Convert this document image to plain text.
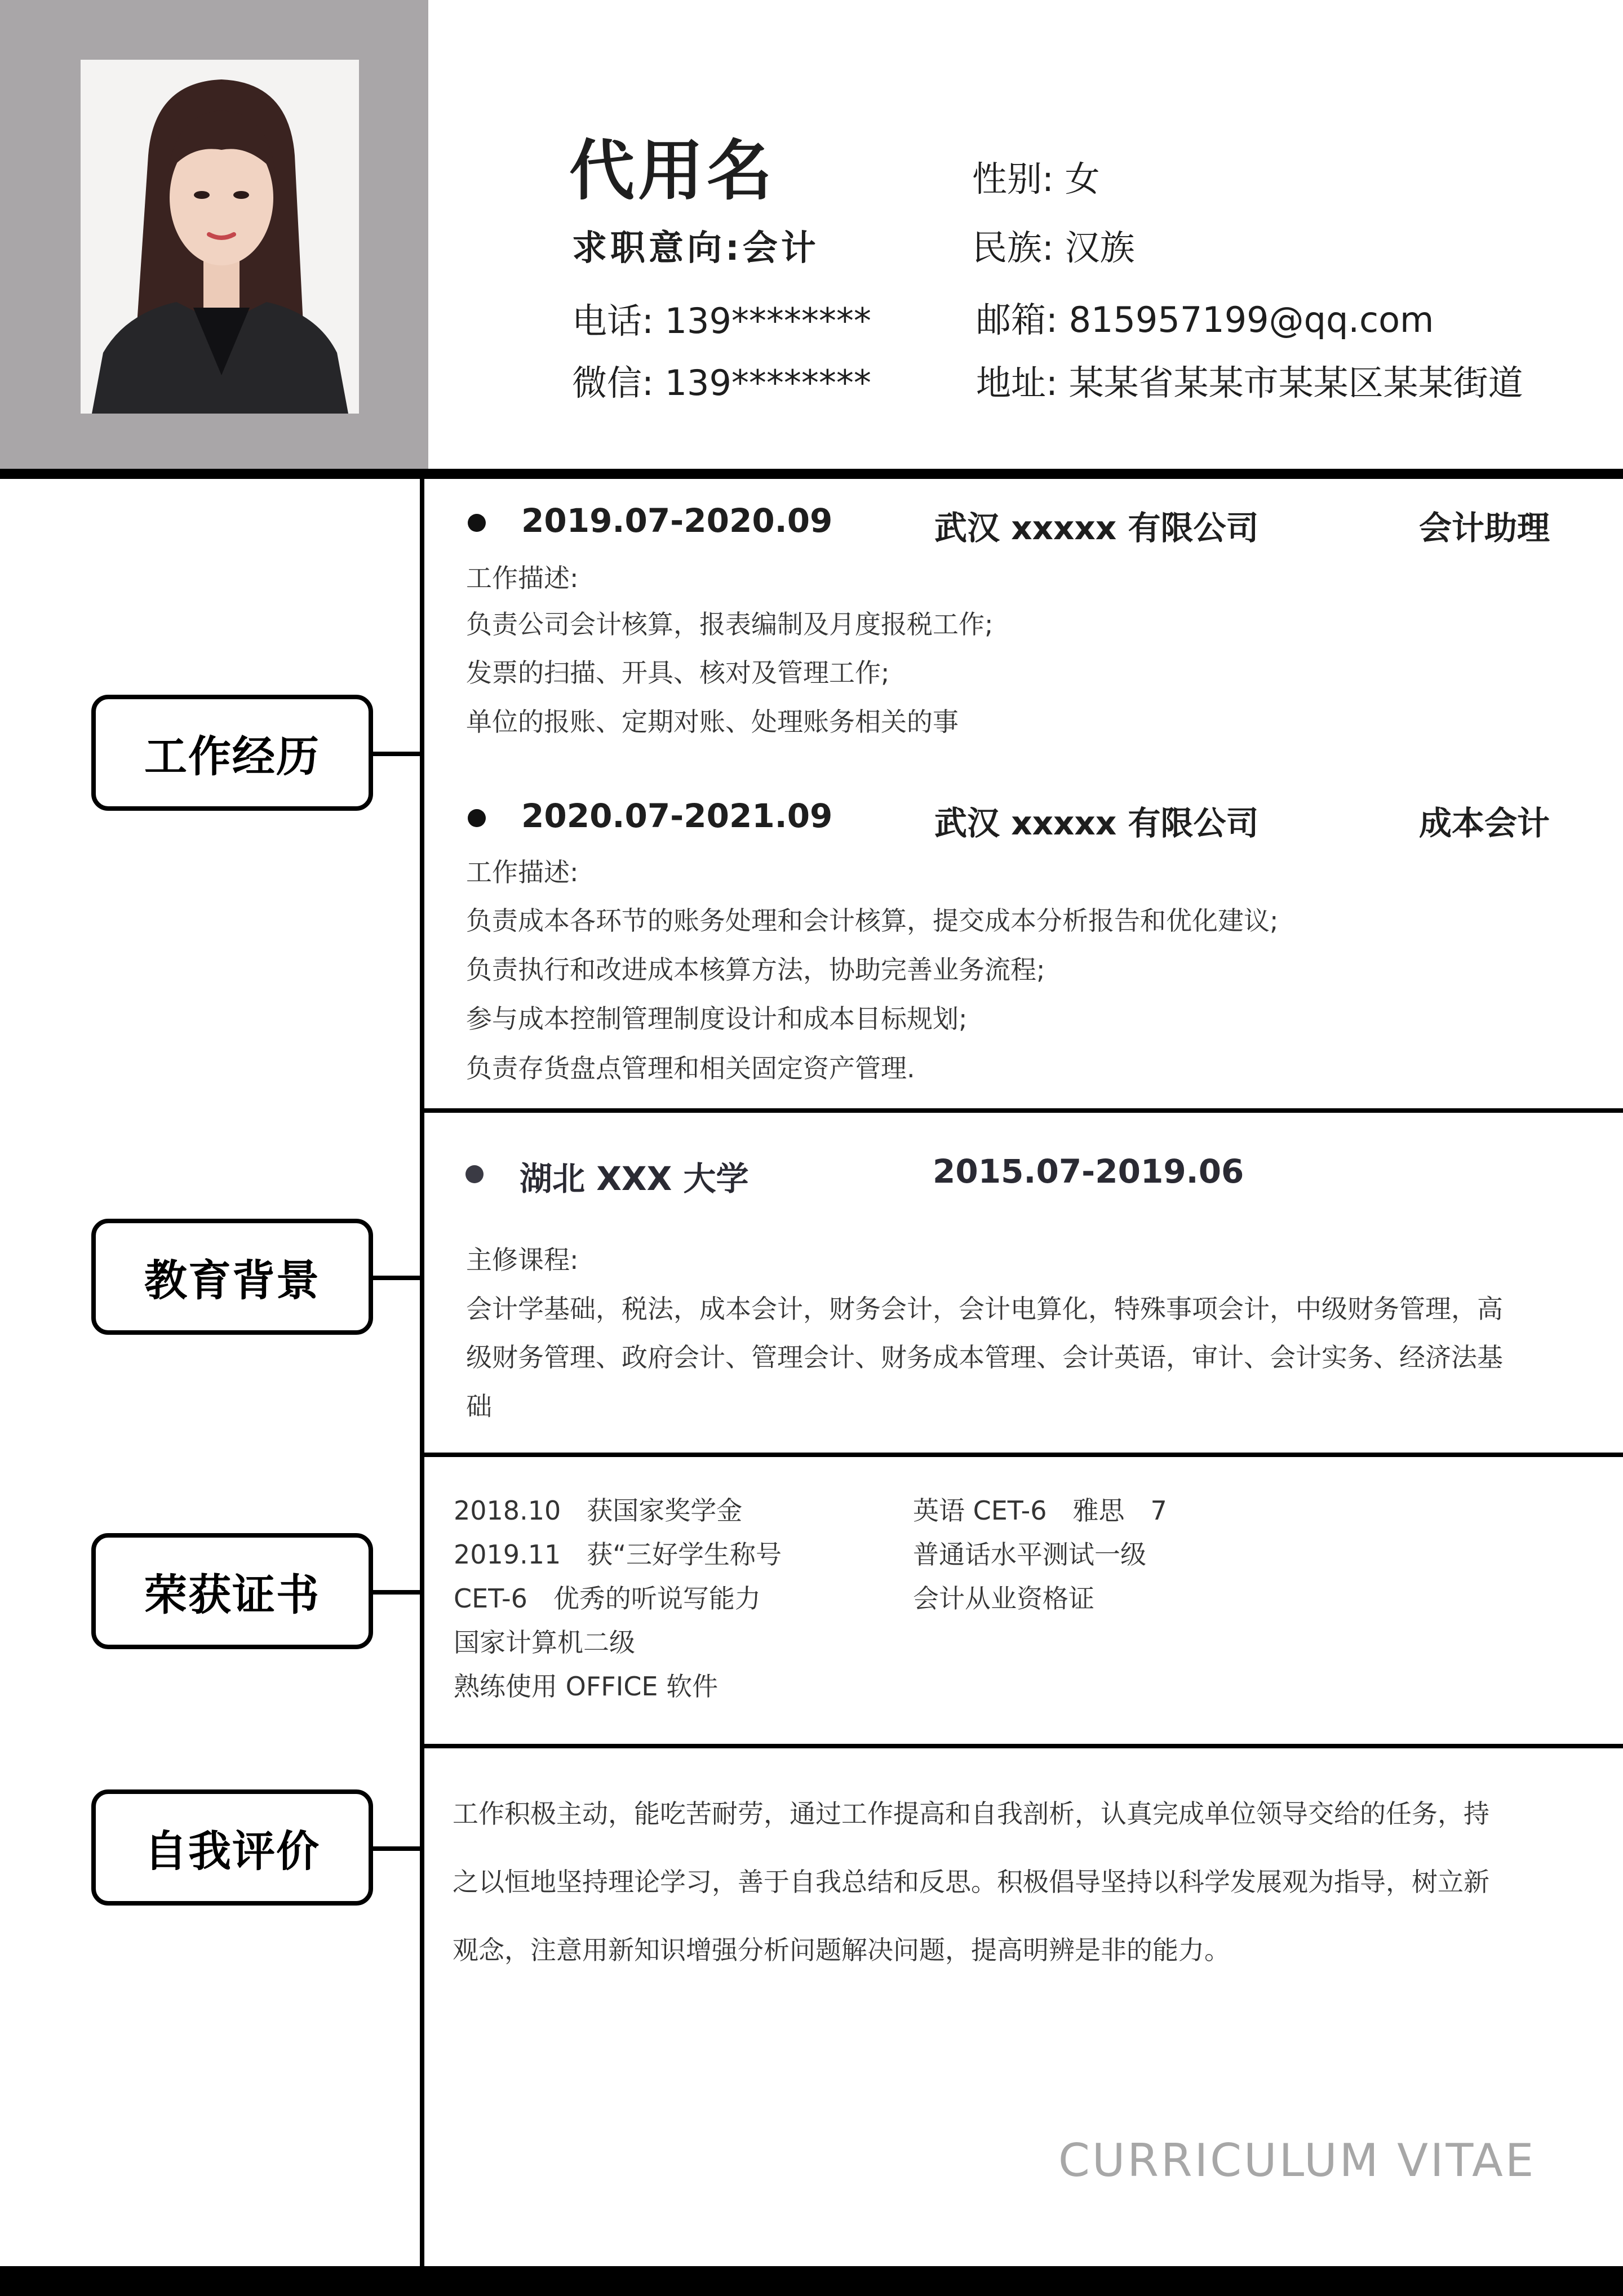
代用名
求职意向:会计
电话: 139********
微信: 139********
性别: 女
民族: 汉族
邮箱: 815957199@qq.com
地址: 某某省某某市某某区某某街道
工作经历
教育背景
荣获证书
自我评价
2019.07-2020.09	武汉 xxxxx 有限公司	会计助理
工作描述:
负责公司会计核算，报表编制及月度报税工作;
发票的扫描、开具、核对及管理工作;
单位的报账、定期对账、处理账务相关的事
2020.07-2021.09	武汉 xxxxx 有限公司	成本会计
工作描述:
负责成本各环节的账务处理和会计核算，提交成本分析报告和优化建议;
负责执行和改进成本核算方法，协助完善业务流程;
参与成本控制管理制度设计和成本目标规划;
负责存货盘点管理和相关固定资产管理.
湖北 XXX 大学	2015.07-2019.06
主修课程:
会计学基础，税法，成本会计，财务会计，会计电算化，特殊事项会计，中级财务管理，高
级财务管理、政府会计、管理会计、财务成本管理、会计英语，审计、会计实务、经济法基
础
2018.10　获国家奖学金
2019.11　获“三好学生称号
CET-6　优秀的听说写能力
国家计算机二级
熟练使用 OFFICE 软件
英语 CET-6　雅思　7
普通话水平测试一级
会计从业资格证
工作积极主动，能吃苦耐劳，通过工作提高和自我剖析，认真完成单位领导交给的任务，持
之以恒地坚持理论学习，善于自我总结和反思。积极倡导坚持以科学发展观为指导，树立新
观念，注意用新知识增强分析问题解决问题，提高明辨是非的能力。
CURRICULUM VITAE
